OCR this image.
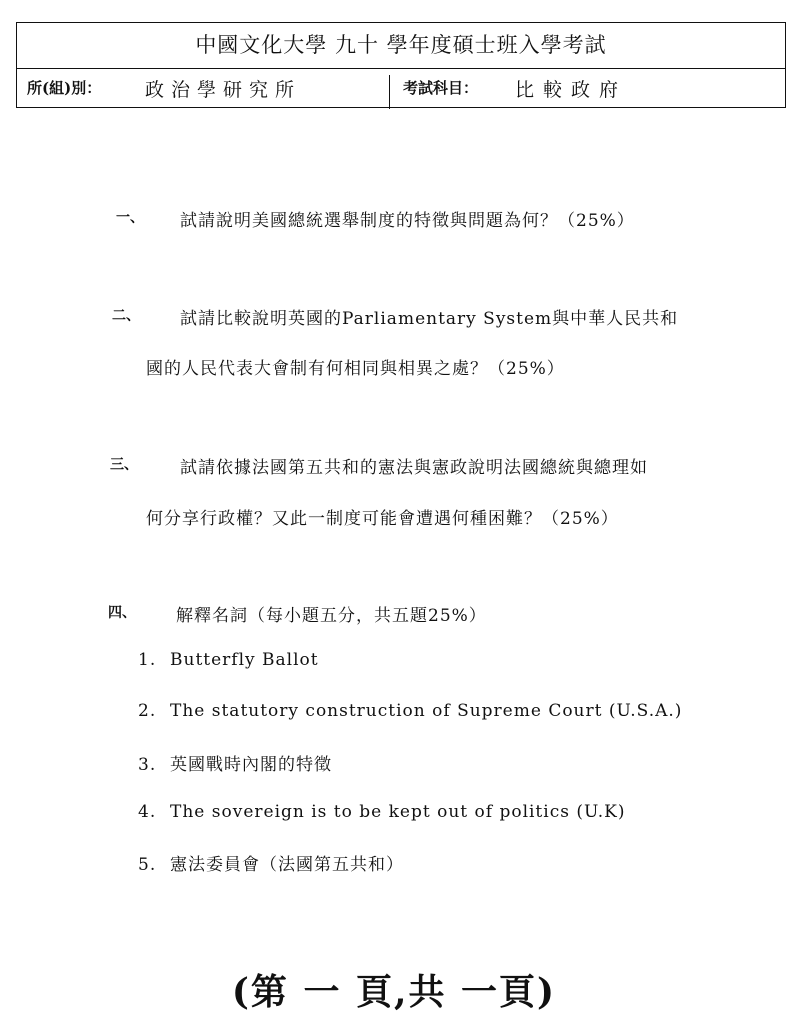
中國文化大學 九十 學年度碩士班入學考試
所(組)別： 政治學研究所	考試科目： 比較政府
一、 試請說明美國總統選舉制度的特徵與問題為何？（25%）
二、 試請比較說明英國的Parliamentary System與中華人民共和
國的人民代表大會制有何相同與相異之處？（25%）
三、 試請依據法國第五共和的憲法與憲政說明法國總統與總理如
何分享行政權？又此一制度可能會遭遇何種困難？（25%）
四、 解釋名詞（每小題五分，共五題25%）
1. Butterfly Ballot
2. The statutory construction of Supreme Court (U.S.A.)
3. 英國戰時內閣的特徵
4. The sovereign is to be kept out of politics (U.K)
5. 憲法委員會（法國第五共和）
(第 一 頁,共 一頁)
